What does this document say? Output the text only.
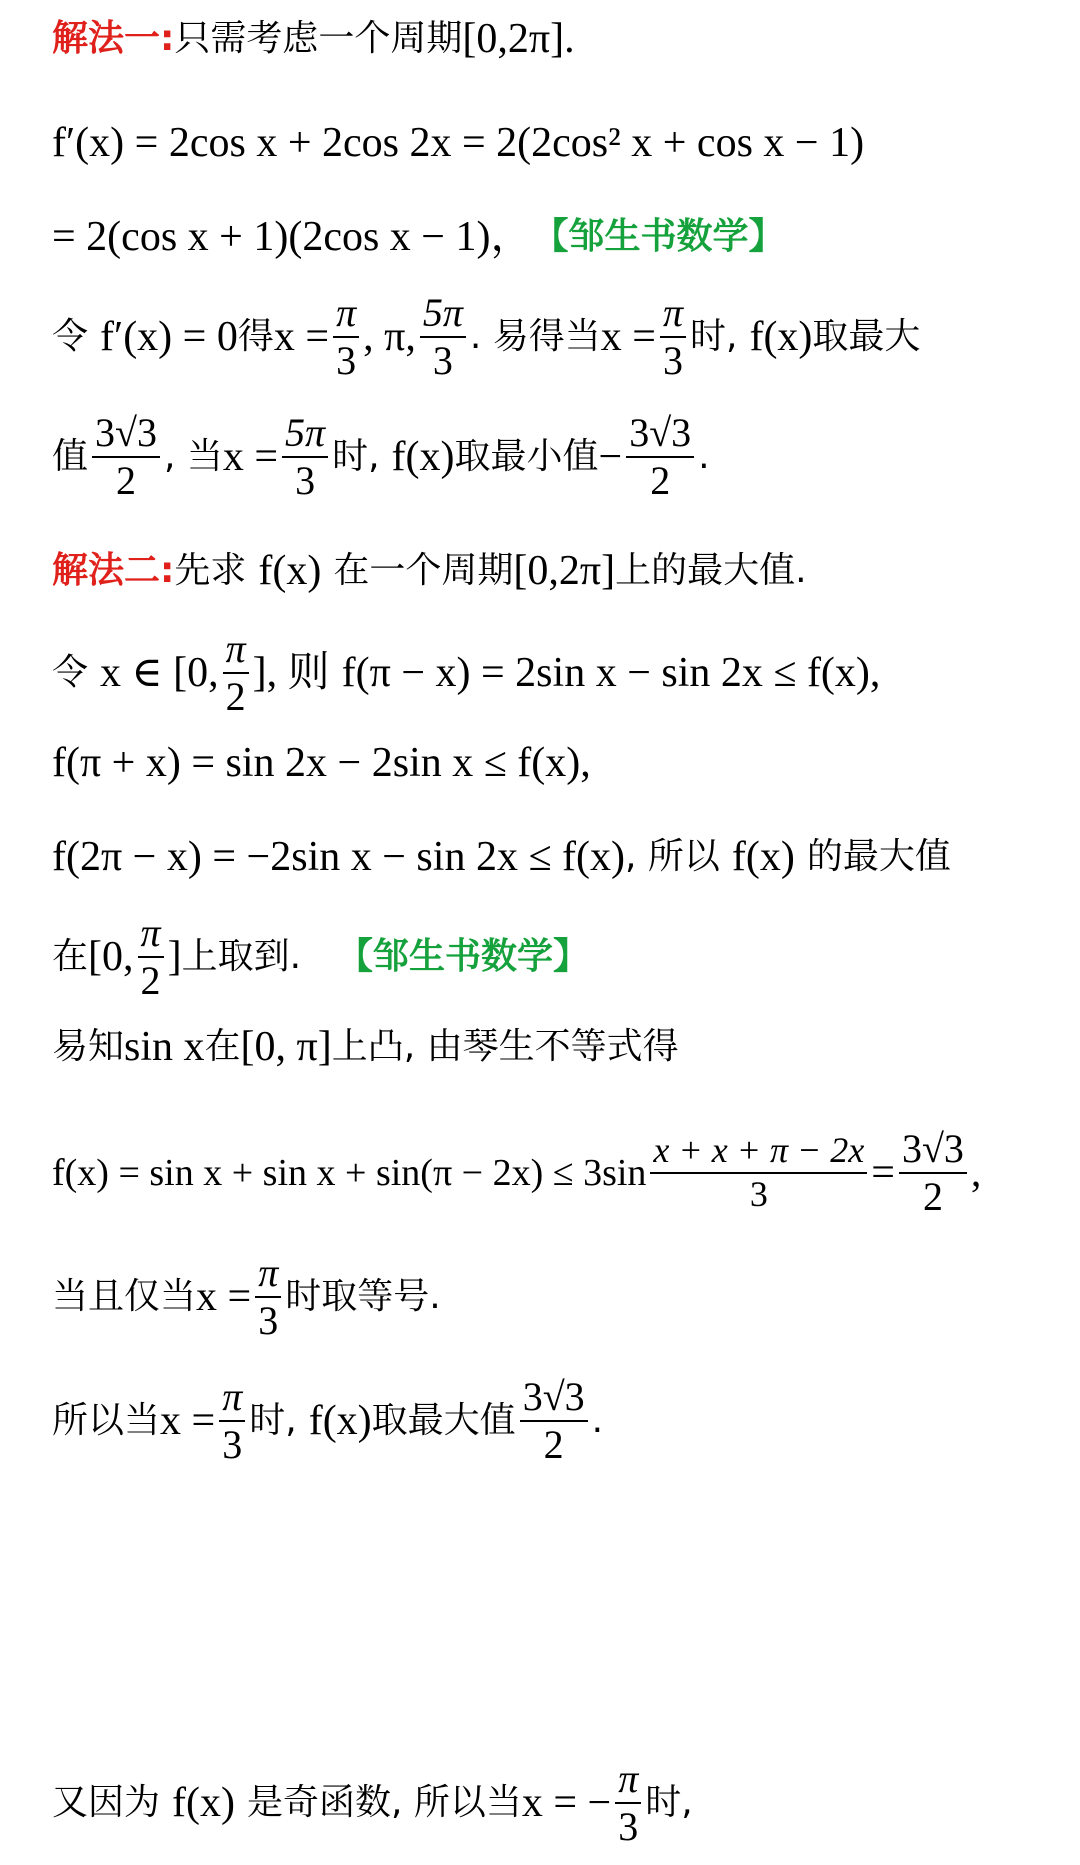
解法一: 只需考虑一个周期 [0,2π].
f′(x) = 2cos x + 2cos 2x = 2(2cos² x + cos x − 1)
= 2(cos x + 1)(2cos x − 1)， 【邹生书数学】
令 f′(x) = 0 得 $x = \frac{\pi}{3}$ , π, $\frac{5\pi}{3}$ . 易得当 $x = \frac{\pi}{3}$ 时, f(x) 取最大
值 $\frac{3√3}{2}$ , 当 $x = \frac{5\pi}{3}$ 时, f(x) 取最小值 − $\frac{3√3}{2}$ .
解法二: 先求 f(x) 在一个周期 [0,2π] 上的最大值.
令 x ∈ [0, $\frac{\pi}{2}$ ], 则 f(π − x) = 2sin x − sin 2x ≤ f(x),
f(π + x) = sin 2x − 2sin x ≤ f(x),
f(2π − x) = −2sin x − sin 2x ≤ f(x) , 所以 f(x) 的最大值
在 [0, $\frac{\pi}{2}$ ] 上取到. 【邹生书数学】
易知 sin x 在 [0, π] 上凸, 由琴生不等式得
$f(x) = \sin x + \sin x + \sin(\pi - 2x) \le 3\sin \frac{x + x + \pi - 2x}{3} = \frac{3√3}{2}$ ,
当且仅当 $x = \frac{\pi}{3}$ 时取等号.
所以当 $x = \frac{\pi}{3}$ 时, f(x) 取最大值 $\frac{3√3}{2}$ .
又因为 f(x) 是奇函数, 所以当 x = − $\frac{\pi}{3}$ 时,
